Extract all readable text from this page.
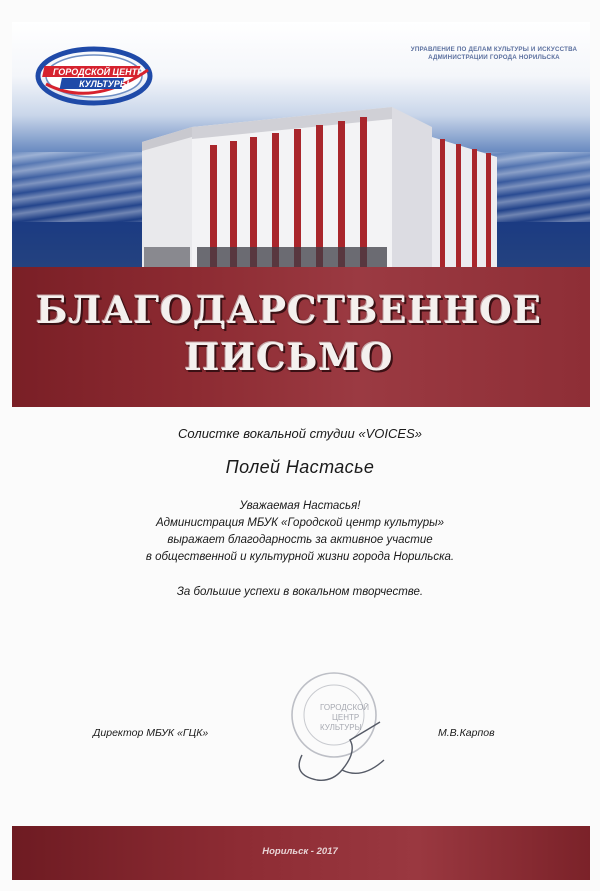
ГОРОДСКОЙ ЦЕНТР
КУЛЬТУРЫ
УПРАВЛЕНИЕ ПО ДЕЛАМ КУЛЬТУРЫ И ИСКУССТВА
АДМИНИСТРАЦИИ ГОРОДА НОРИЛЬСКА
БЛАГОДАРСТВЕННОЕ
ПИСЬМО
Солистке вокальной студии «VOICES»
Полей Настасье
Уважаемая Настасья!
Администрация МБУК «Городской центр культуры»
выражает благодарность за активное участие
в общественной и культурной жизни города Норильска.
За большие успехи в вокальном творчестве.
Директор МБУК «ГЦК»
ГОРОДСКОЙ
ЦЕНТР
КУЛЬТУРЫ	М.В.Карпов
Норильск - 2017
